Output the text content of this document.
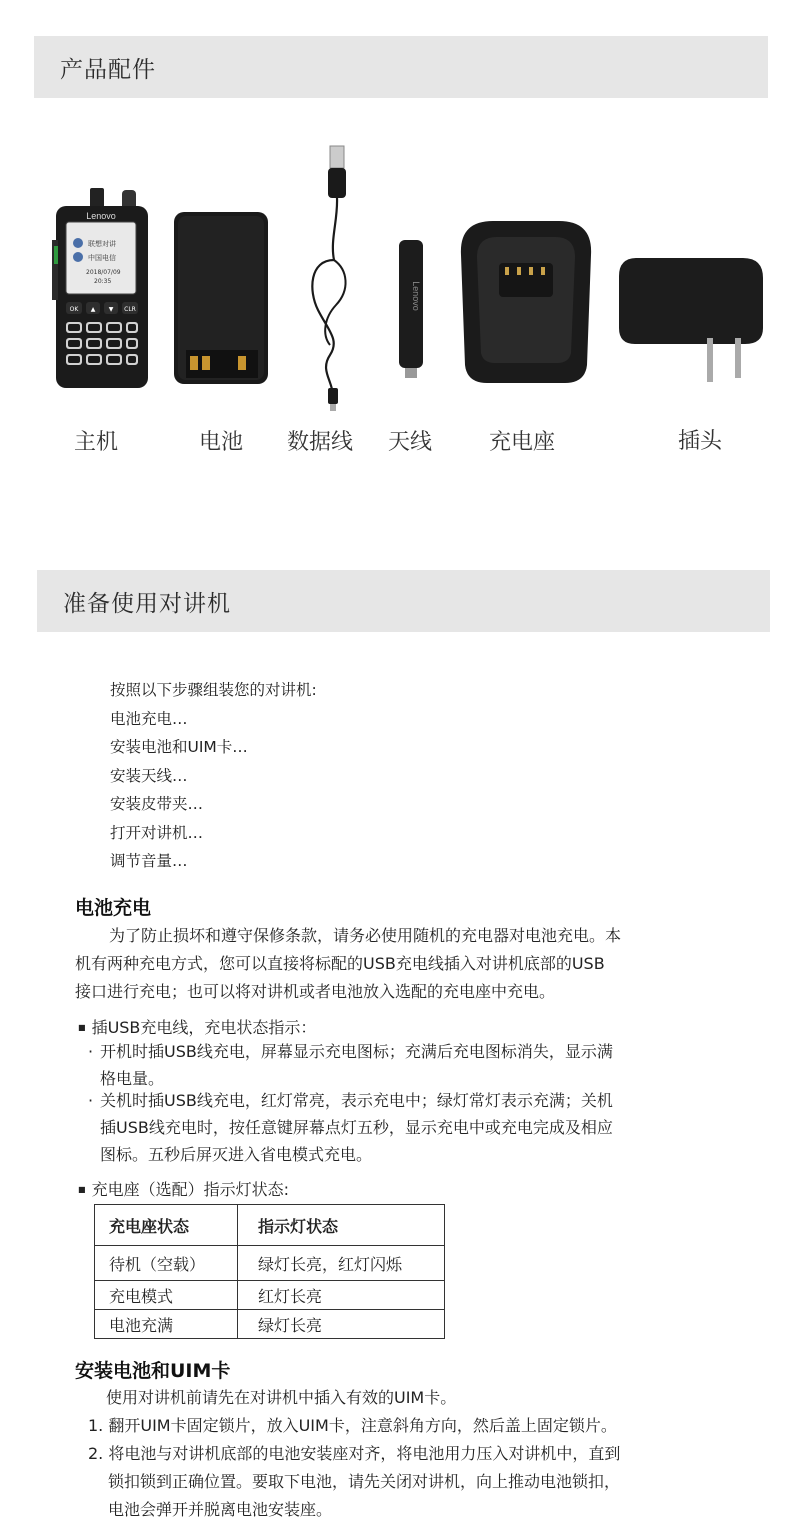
产品配件
Lenovo
联想对讲
中国电信
2018/07/09
20:35
OK ▲ ▼ CLR	Lenovo
主机	电池 数据线 天线	充电座	插头
准备使用对讲机
按照以下步骤组装您的对讲机:
电池充电…
安装电池和UIM卡…
安装天线…
安装皮带夹…
打开对讲机…
调节音量…
电池充电
为了防止损坏和遵守保修条款，请务必使用随机的充电器对电池充电。本
机有两种充电方式，您可以直接将标配的USB充电线插入对讲机底部的USB
接口进行充电；也可以将对讲机或者电池放入选配的充电座中充电。
■ 插USB充电线，充电状态指示：
· 开机时插USB线充电，屏幕显示充电图标；充满后充电图标消失，显示满
格电量。
· 关机时插USB线充电，红灯常亮，表示充电中；绿灯常灯表示充满；关机
插USB线充电时，按任意键屏幕点灯五秒，显示充电中或充电完成及相应
图标。五秒后屏灭进入省电模式充电。
■ 充电座（选配）指示灯状态:
充电座状态	指示灯状态
待机（空载）	绿灯长亮，红灯闪烁
充电模式	红灯长亮
电池充满	绿灯长亮
安装电池和UIM卡
使用对讲机前请先在对讲机中插入有效的UIM卡。
1. 翻开UIM卡固定锁片，放入UIM卡，注意斜角方向，然后盖上固定锁片。
2. 将电池与对讲机底部的电池安装座对齐，将电池用力压入对讲机中，直到
锁扣锁到正确位置。要取下电池，请先关闭对讲机，向上推动电池锁扣，
电池会弹开并脱离电池安装座。
